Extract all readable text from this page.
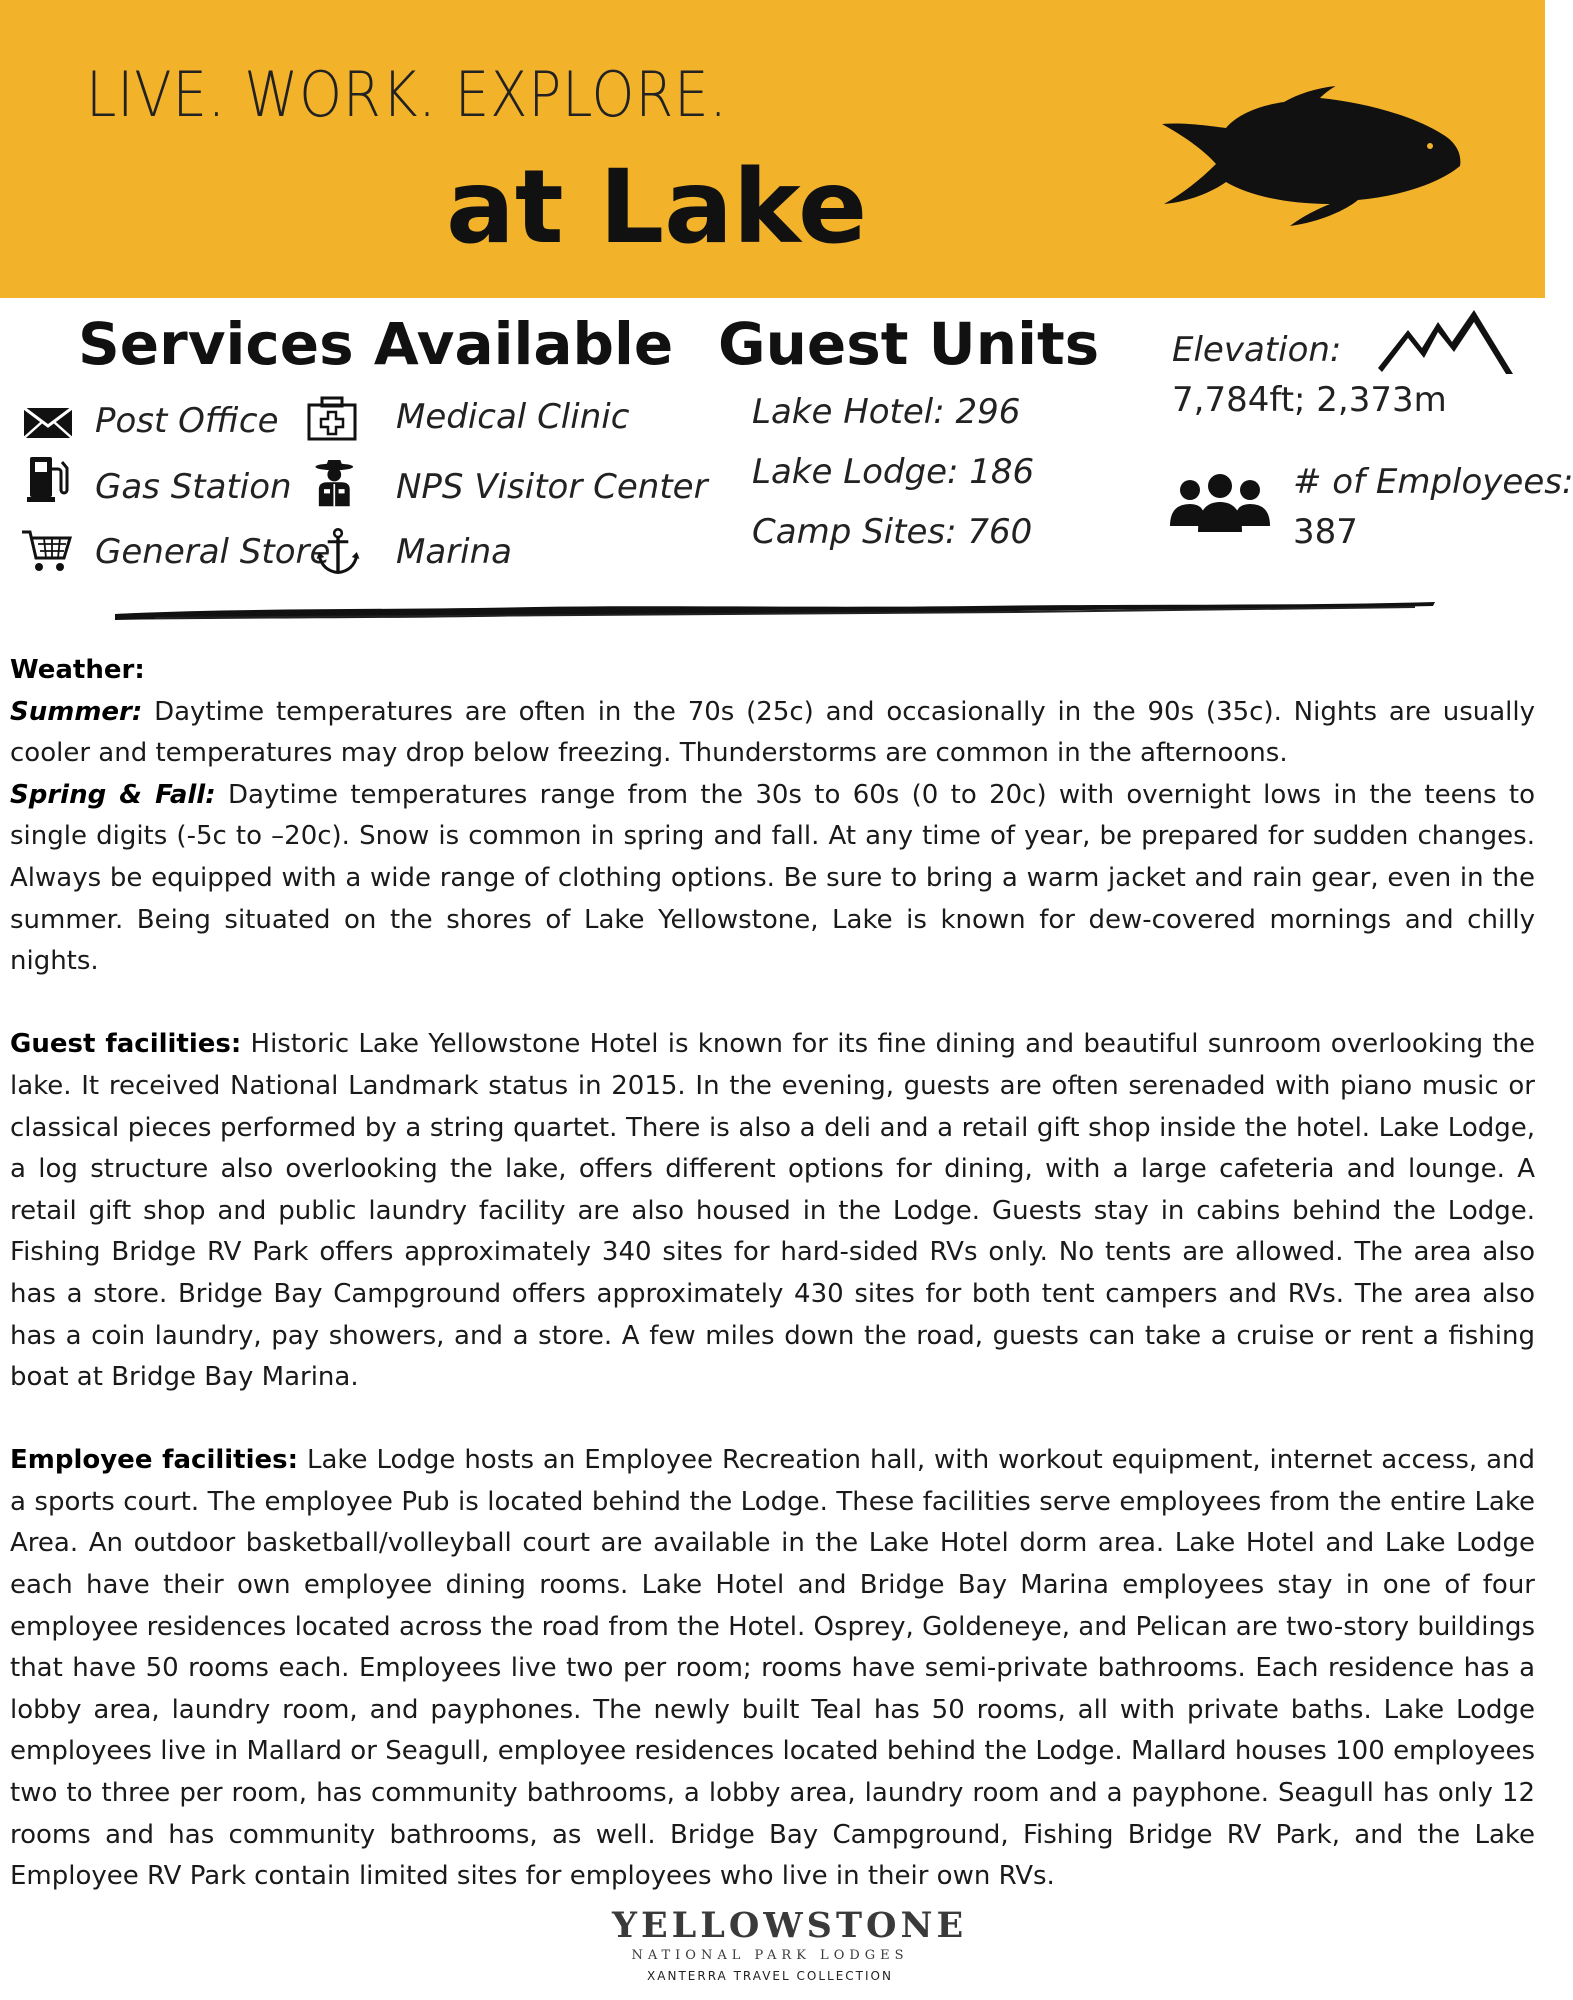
LIVE. WORK. EXPLORE.
at Lake
Services Available
Post Office	Medical Clinic
Gas Station	NPS Visitor Center
General Store Marina
Guest Units
Lake Hotel: 296
Lake Lodge: 186
Camp Sites: 760
Elevation:
7,784ft; 2,373m
# of Employees:
387

Weather:

Summer: Daytime temperatures are often in the 70s (25c) and occasionally in the 90s (35c). Nights are usually cooler and temperatures may drop below freezing. Thunderstorms are common in the afternoons.

Spring & Fall: Daytime temperatures range from the 30s to 60s (0 to 20c) with overnight lows in the teens to single digits (-5c to –20c). Snow is common in spring and fall. At any time of year, be prepared for sudden changes. Always be equipped with a wide range of clothing options. Be sure to bring a warm jacket and rain gear, even in the summer. Being situated on the shores of Lake Yellowstone, Lake is known for dew-covered mornings and chilly nights.

Guest facilities: Historic Lake Yellowstone Hotel is known for its fine dining and beautiful sunroom overlooking the lake. It received National Landmark status in 2015. In the evening, guests are often serenaded with piano music or classical pieces performed by a string quartet. There is also a deli and a retail gift shop inside the hotel. Lake Lodge, a log structure also overlooking the lake, offers different options for dining, with a large cafeteria and lounge. A retail gift shop and public laundry facility are also housed in the Lodge. Guests stay in cabins behind the Lodge. Fishing Bridge RV Park offers approximately 340 sites for hard-sided RVs only. No tents are allowed. The area also has a store. Bridge Bay Campground offers approximately 430 sites for both tent campers and RVs. The area also has a coin laundry, pay showers, and a store. A few miles down the road, guests can take a cruise or rent a fishing boat at Bridge Bay Marina.

Employee facilities: Lake Lodge hosts an Employee Recreation hall, with workout equipment, internet access, and a sports court. The employee Pub is located behind the Lodge. These facilities serve employees from the entire Lake Area. An outdoor basketball/volleyball court are available in the Lake Hotel dorm area. Lake Hotel and Lake Lodge each have their own employee dining rooms. Lake Hotel and Bridge Bay Marina employees stay in one of four employee residences located across the road from the Hotel. Osprey, Goldeneye, and Pelican are two-story buildings that have 50 rooms each. Employees live two per room; rooms have semi-private bathrooms. Each residence has a lobby area, laundry room, and payphones. The newly built Teal has 50 rooms, all with private baths. Lake Lodge employees live in Mallard or Seagull, employee residences located behind the Lodge. Mallard houses 100 employees two to three per room, has community bathrooms, a lobby area, laundry room and a payphone. Seagull has only 12 rooms and has community bathrooms, as well. Bridge Bay Campground, Fishing Bridge RV Park, and the Lake Employee RV Park contain limited sites for employees who live in their own RVs.

YELLOWSTONE
NATIONAL PARK LODGES
XANTERRA TRAVEL COLLECTION
